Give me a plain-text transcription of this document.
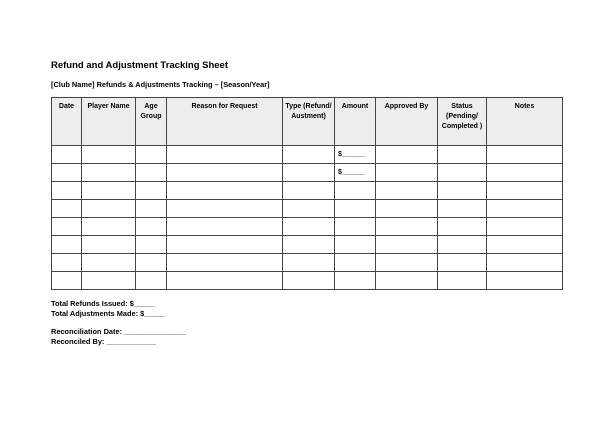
Refund and Adjustment Tracking Sheet

[Club Name] Refunds & Adjustments Tracking – [Season/Year]

Date	Player Name	Age Group	Reason for Request	Type (Refund/ Austment)	Amount	Approved By	Status (Pending/ Completed )	Notes
					$______			
					$______			

Total Refunds Issued: $_____
Total Adjustments Made: $_____
Reconciliation Date: _______________
Reconciled By: ____________
